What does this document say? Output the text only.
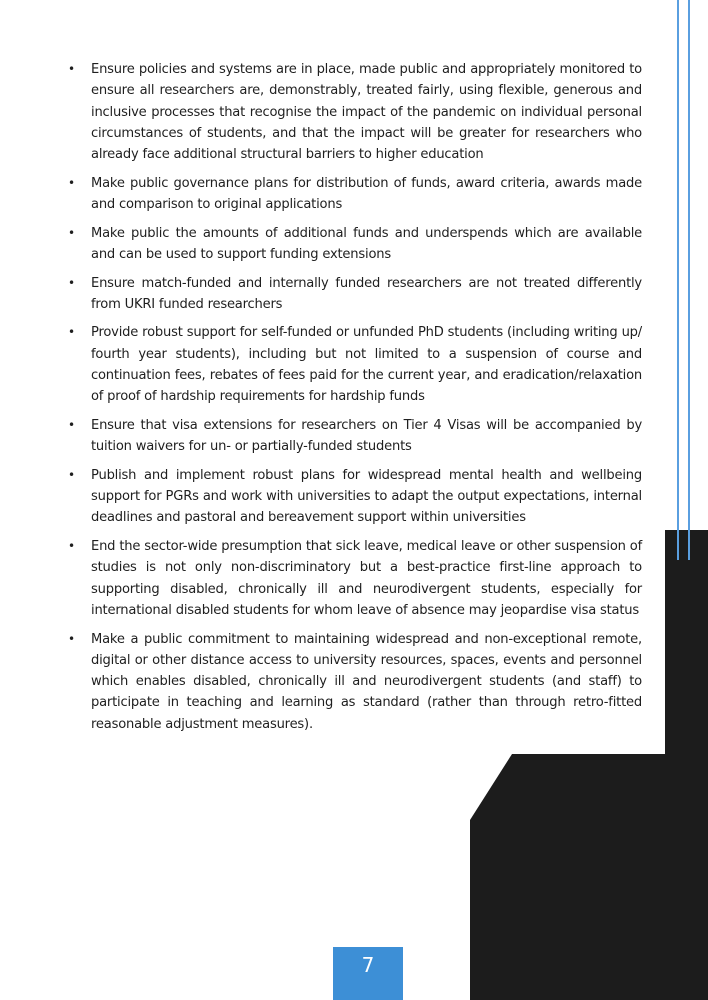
• Ensure policies and systems are in place, made public and appropriately monitored to ensure all researchers are, demonstrably, treated fairly, using flexible, generous and inclusive processes that recognise the impact of the pandemic on individual personal circumstances of students, and that the impact will be greater for researchers who already face additional structural barriers to higher education
• Make public governance plans for distribution of funds, award criteria, awards made and comparison to original applications
• Make public the amounts of additional funds and underspends which are available and can be used to support funding extensions
• Ensure match-funded and internally funded researchers are not treated differently from UKRI funded researchers
• Provide robust support for self-funded or unfunded PhD students (including writing up/ fourth year students), including but not limited to a suspension of course and continuation fees, rebates of fees paid for the current year, and eradication/relaxation of proof of hardship requirements for hardship funds
• Ensure that visa extensions for researchers on Tier 4 Visas will be accompanied by tuition waivers for un- or partially-funded students
• Publish and implement robust plans for widespread mental health and wellbeing support for PGRs and work with universities to adapt the output expectations, internal deadlines and pastoral and bereavement support within universities
• End the sector-wide presumption that sick leave, medical leave or other suspension of studies is not only non-discriminatory but a best-practice first-line approach to supporting disabled, chronically ill and neurodivergent students, especially for international disabled students for whom leave of absence may jeopardise visa status
• Make a public commitment to maintaining widespread and non-exceptional remote, digital or other distance access to university resources, spaces, events and personnel which enables disabled, chronically ill and neurodivergent students (and staff) to participate in teaching and learning as standard (rather than through retro-fitted reasonable adjustment measures).
7
